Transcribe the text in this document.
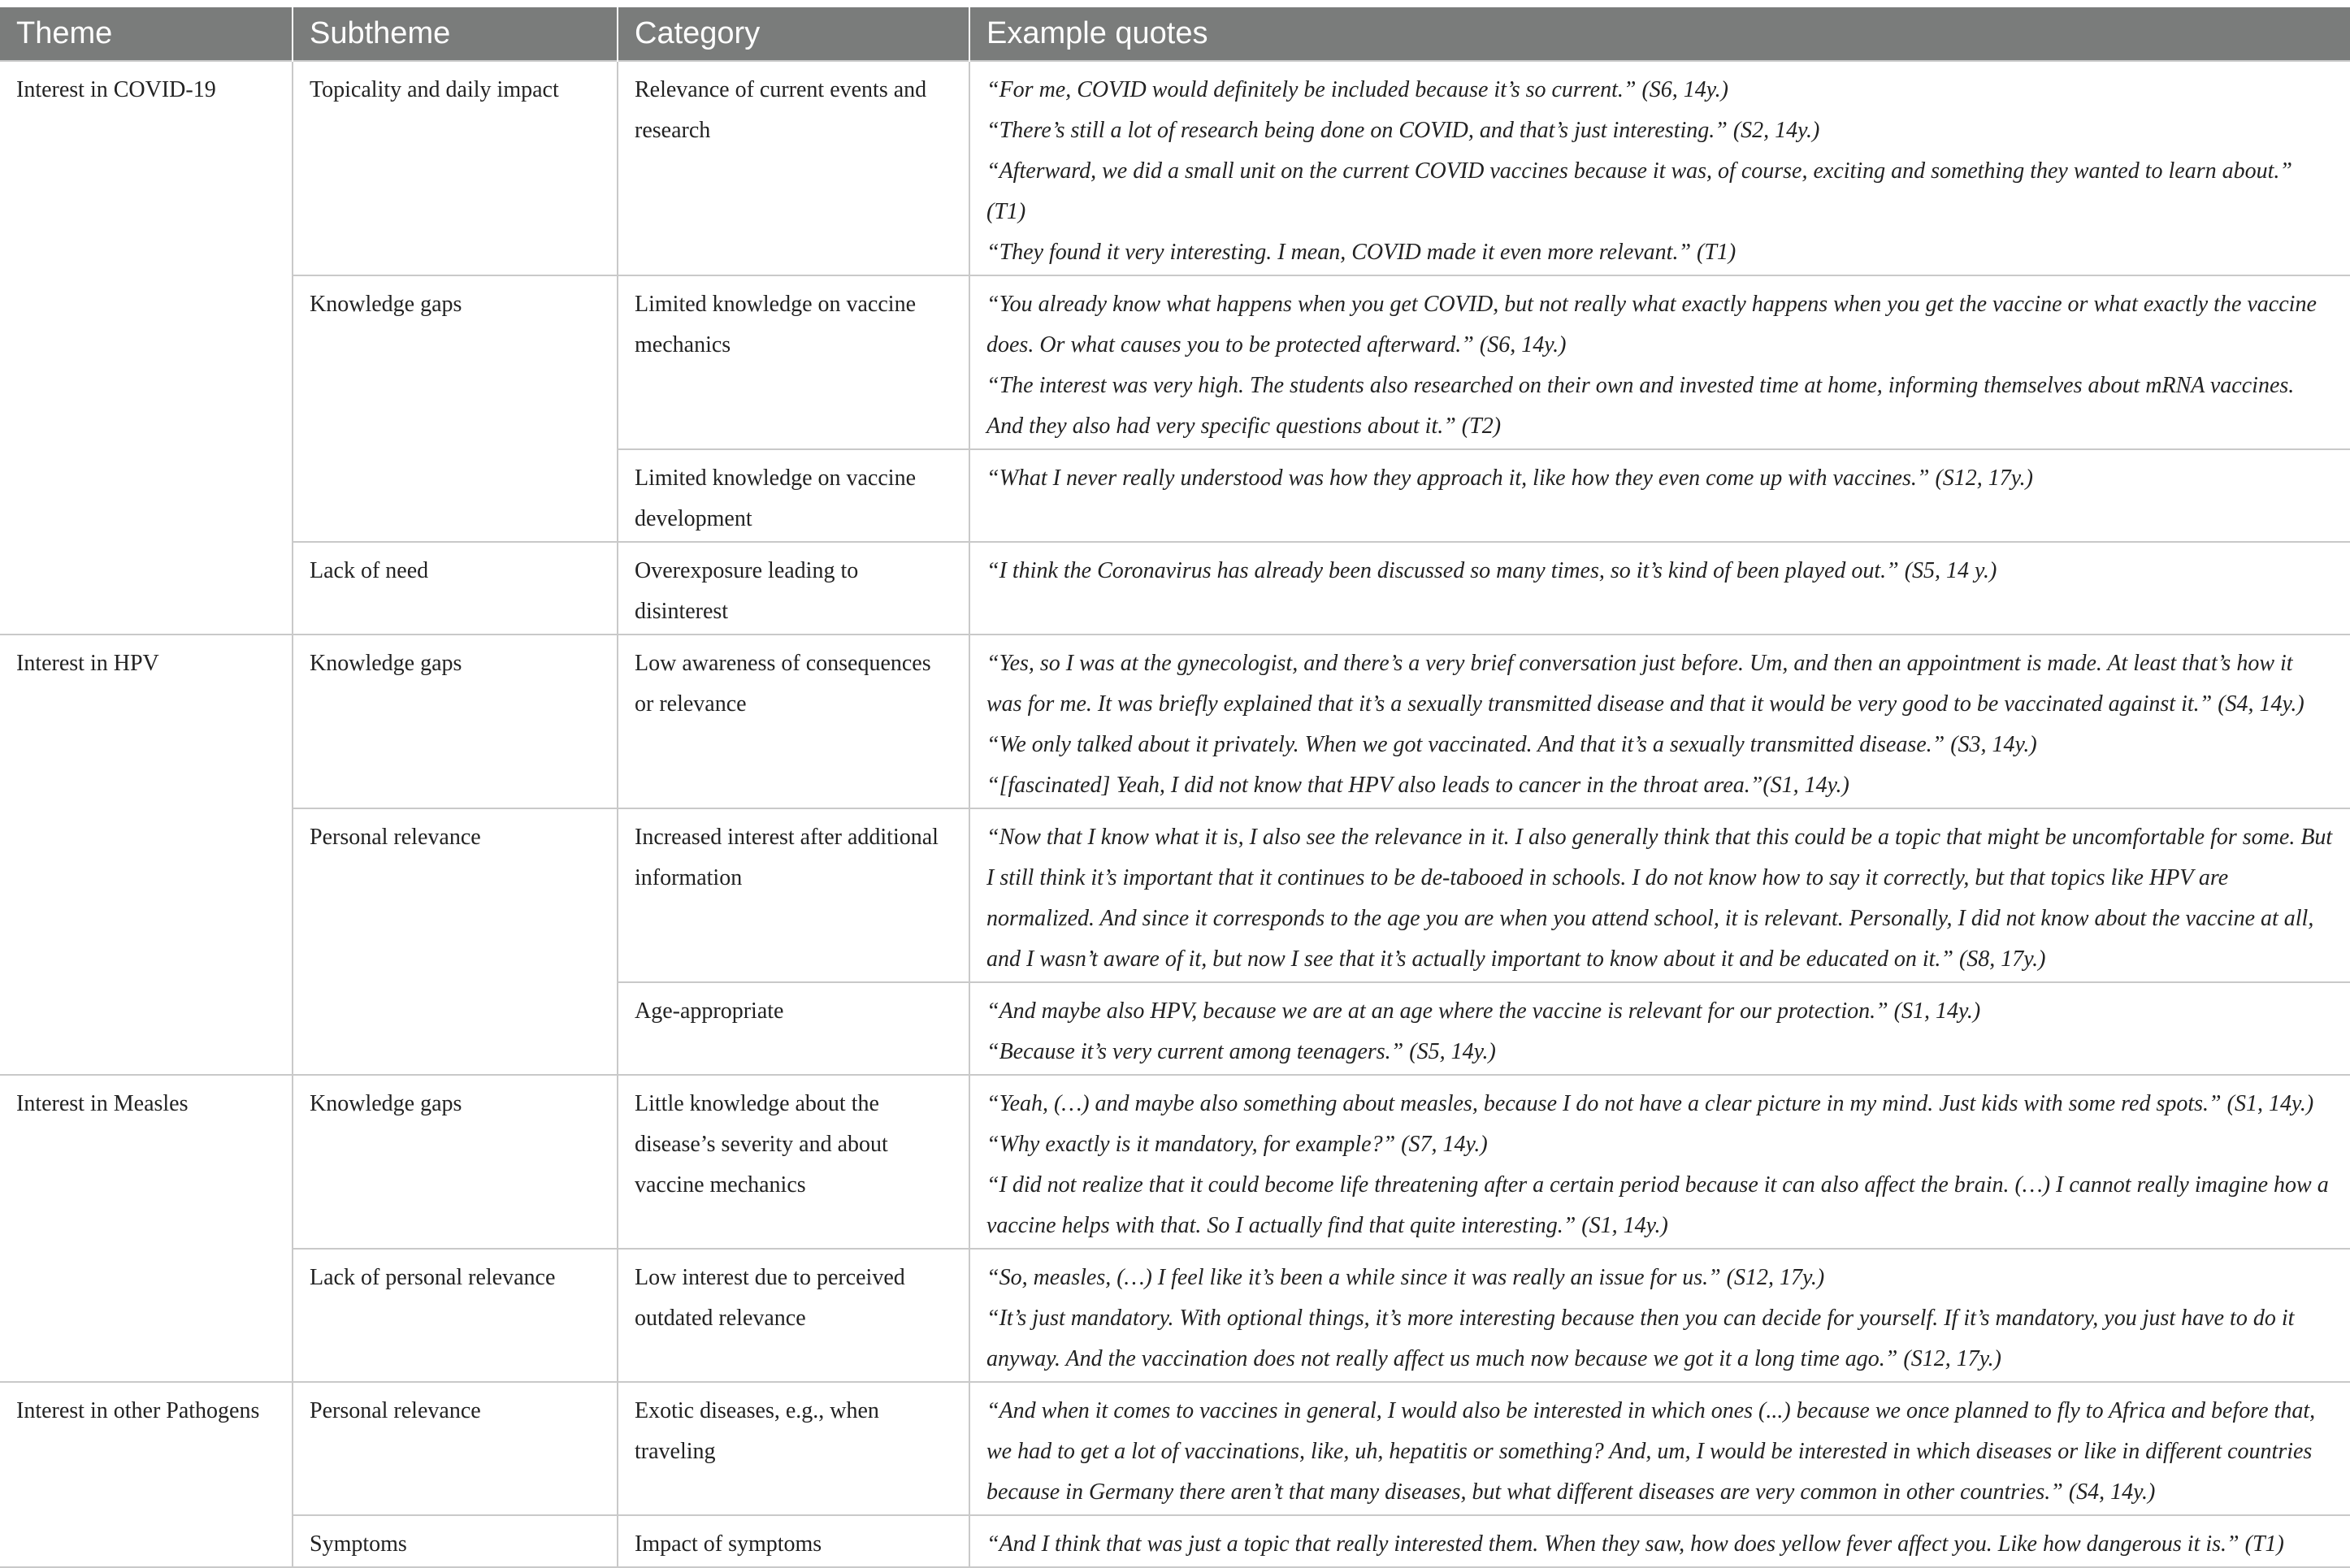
Theme	Subtheme	Category	Example quotes
Interest in COVID-19	Topicality and daily impact	Relevance of current events and research	“For me, COVID would definitely be included because it’s so current.” (S6, 14y.)
“There’s still a lot of research being done on COVID, and that’s just interesting.” (S2, 14y.)
“Afterward, we did a small unit on the current COVID vaccines because it was, of course, exciting and something they wanted to learn about.” (T1)
“They found it very interesting. I mean, COVID made it even more relevant.” (T1)

	Knowledge gaps	Limited knowledge on vaccine mechanics	“You already know what happens when you get COVID, but not really what exactly happens when you get the vaccine or what exactly the vaccine does. Or what causes you to be protected afterward.” (S6, 14y.)
“The interest was very high. The students also researched on their own and invested time at home, informing themselves about mRNA vaccines. And they also had very specific questions about it.” (T2)

		Limited knowledge on vaccine development	“What I never really understood was how they approach it, like how they even come up with vaccines.” (S12, 17y.)

	Lack of need	Overexposure leading to disinterest	“I think the Coronavirus has already been discussed so many times, so it’s kind of been played out.” (S5, 14 y.)

Interest in HPV	Knowledge gaps	Low awareness of consequences or relevance	“Yes, so I was at the gynecologist, and there’s a very brief conversation just before. Um, and then an appointment is made. At least that’s how it was for me. It was briefly explained that it’s a sexually transmitted disease and that it would be very good to be vaccinated against it.” (S4, 14y.)
“We only talked about it privately. When we got vaccinated. And that it’s a sexually transmitted disease.” (S3, 14y.)
“[fascinated] Yeah, I did not know that HPV also leads to cancer in the throat area.”(S1, 14y.)

	Personal relevance	Increased interest after additional information	“Now that I know what it is, I also see the relevance in it. I also generally think that this could be a topic that might be uncomfortable for some. But I still think it’s important that it continues to be de-tabooed in schools. I do not know how to say it correctly, but that topics like HPV are normalized. And since it corresponds to the age you are when you attend school, it is relevant. Personally, I did not know about the vaccine at all, and I wasn’t aware of it, but now I see that it’s actually important to know about it and be educated on it.” (S8, 17y.)

		Age-appropriate	“And maybe also HPV, because we are at an age where the vaccine is relevant for our protection.” (S1, 14y.)
“Because it’s very current among teenagers.” (S5, 14y.)

Interest in Measles	Knowledge gaps	Little knowledge about the disease’s severity and about vaccine mechanics	“Yeah, (…) and maybe also something about measles, because I do not have a clear picture in my mind. Just kids with some red spots.” (S1, 14y.)
“Why exactly is it mandatory, for example?” (S7, 14y.)
“I did not realize that it could become life threatening after a certain period because it can also affect the brain. (…) I cannot really imagine how a vaccine helps with that. So I actually find that quite interesting.” (S1, 14y.)

	Lack of personal relevance	Low interest due to perceived outdated relevance	“So, measles, (…) I feel like it’s been a while since it was really an issue for us.” (S12, 17y.)
“It’s just mandatory. With optional things, it’s more interesting because then you can decide for yourself. If it’s mandatory, you just have to do it anyway. And the vaccination does not really affect us much now because we got it a long time ago.” (S12, 17y.)

Interest in other Pathogens	Personal relevance	Exotic diseases, e.g., when traveling	“And when it comes to vaccines in general, I would also be interested in which ones (...) because we once planned to fly to Africa and before that, we had to get a lot of vaccinations, like, uh, hepatitis or something? And, um, I would be interested in which diseases or like in different countries because in Germany there aren’t that many diseases, but what different diseases are very common in other countries.” (S4, 14y.)

	Symptoms	Impact of symptoms	“And I think that was just a topic that really interested them. When they saw, how does yellow fever affect you. Like how dangerous it is.” (T1)
